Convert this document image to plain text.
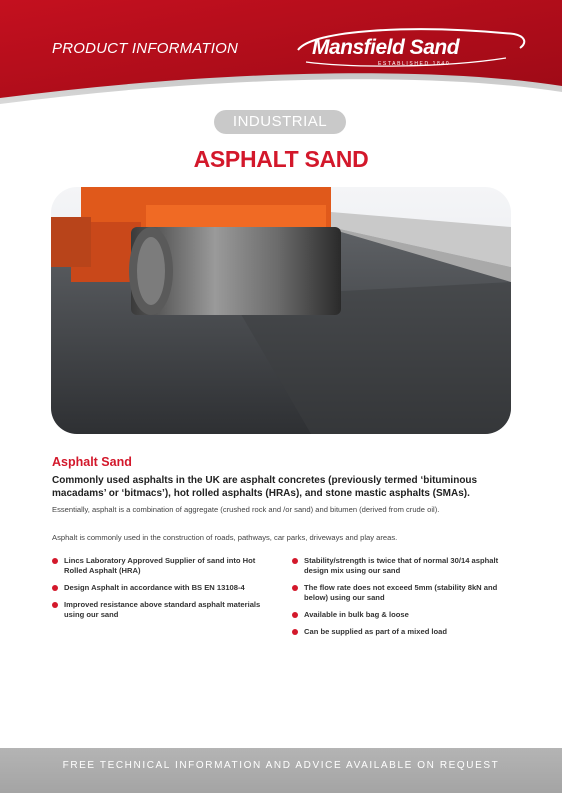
PRODUCT INFORMATION	Mansfield Sand
ESTABLISHED 1840
INDUSTRIAL
ASPHALT SAND
Asphalt Sand
Commonly used asphalts in the UK are asphalt concretes (previously termed ‘bituminous macadams’ or ‘bitmacs’), hot rolled asphalts (HRAs), and stone mastic asphalts (SMAs).
Essentially, asphalt is a combination of aggregate (crushed rock and /or sand) and bitumen (derived from crude oil).
Asphalt is commonly used in the construction of roads, pathways, car parks, driveways and play areas.
Lincs Laboratory Approved Supplier of sand into Hot Rolled Asphalt (HRA)
Design Asphalt in accordance with BS EN 13108-4
Improved resistance above standard asphalt materials using our sand
Stability/strength is twice that of normal 30/14 asphalt design mix using our sand
The flow rate does not exceed 5mm (stability 8kN and below) using our sand
Available in bulk bag & loose
Can be supplied as part of a mixed load
FREE TECHNICAL INFORMATION AND ADVICE AVAILABLE ON REQUEST
